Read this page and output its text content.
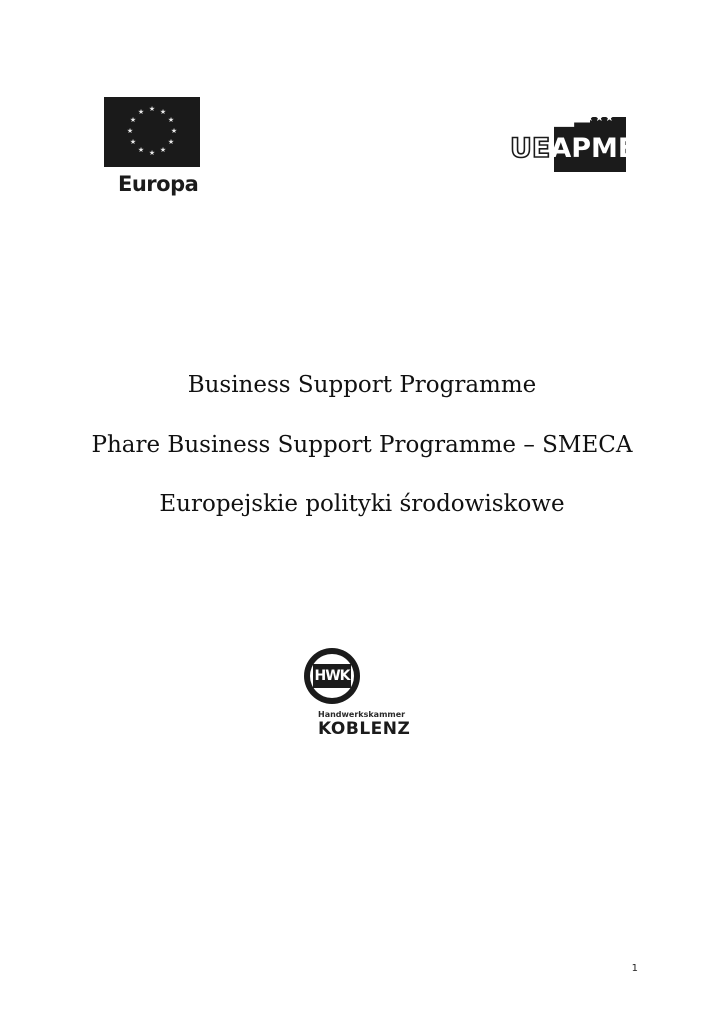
★ ★
★
★
★
★
★
★
★
★
★
★
Europa
★★★★★
UEAPME
Business Support Programme
Phare Business Support Programme – SMECA
Europejskie polityki środowiskowe
HWK
Handwerkskammer
KOBLENZ
1
